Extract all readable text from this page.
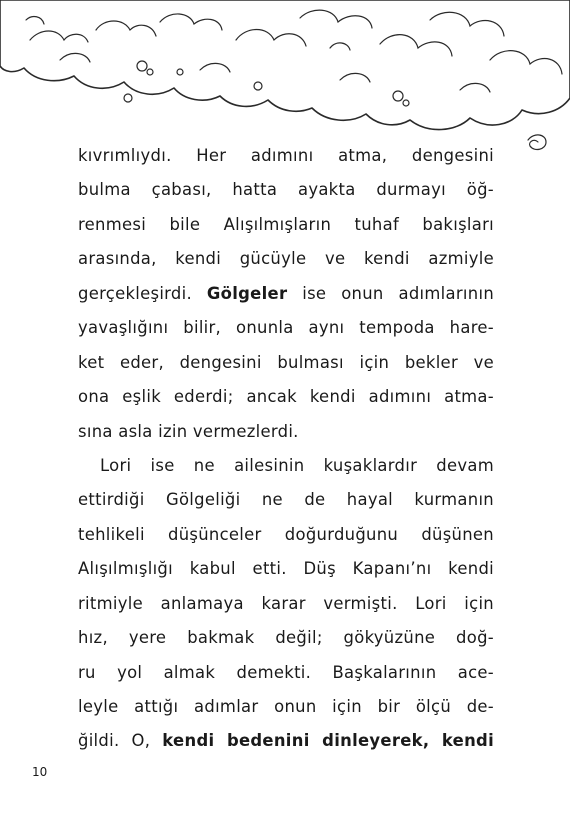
kıvrımlıydı. Her adımını atma, dengesini
bulma çabası, hatta ayakta durmayı öğ-
renmesi bile Alışılmışların tuhaf bakışları
arasında, kendi gücüyle ve kendi azmiyle
gerçekleşirdi. Gölgeler ise onun adımlarının
yavaşlığını bilir, onunla aynı tempoda hare-
ket eder, dengesini bulması için bekler ve
ona eşlik ederdi; ancak kendi adımını atma-
sına asla izin vermezlerdi.
Lori ise ne ailesinin kuşaklardır devam
ettirdiği Gölgeliği ne de hayal kurmanın
tehlikeli düşünceler doğurduğunu düşünen
Alışılmışlığı kabul etti. Düş Kapanı’nı kendi
ritmiyle anlamaya karar vermişti. Lori için
hız, yere bakmak değil; gökyüzüne doğ-
ru yol almak demekti. Başkalarının ace-
leyle attığı adımlar onun için bir ölçü de-
ğildi. O, kendi bedenini dinleyerek, kendi
10
